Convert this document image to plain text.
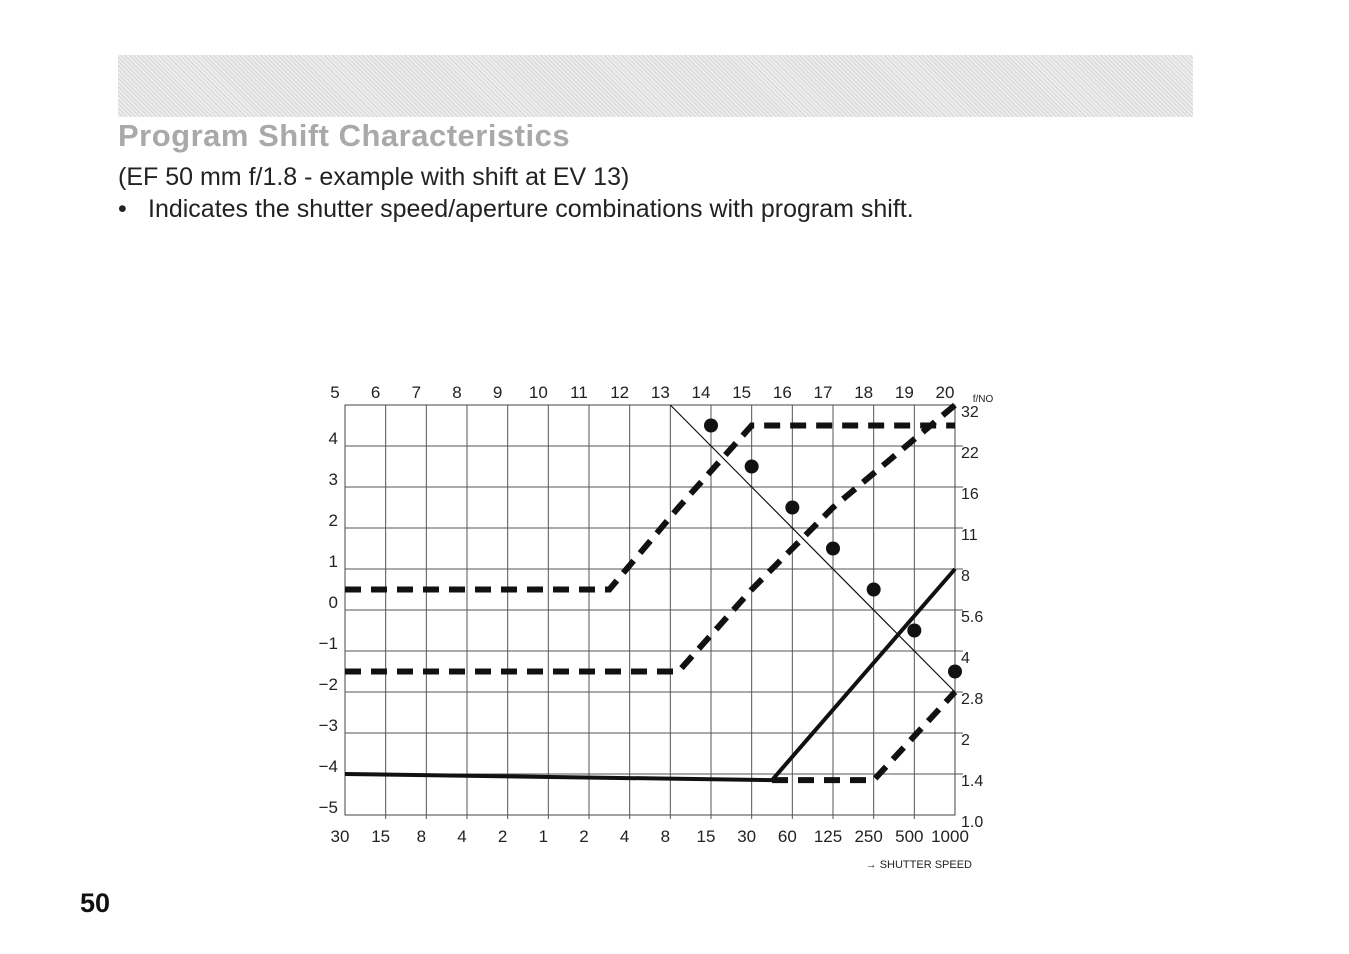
Program Shift Characteristics
(EF 50 mm f/1.8 - example with shift at EV 13)
• Indicates the shutter speed/aperture combinations with program shift.
50
5 6 7 8 9 10 11 12 13 14 15 16 17 18 19 20 f/NO
4
3
2
1
0
−1
−2
−3
−4
−5
32
22
16
11
8
5.6
4
2.8
2
1.4
1.0
30 15 8 4 2 1 2 4 8 15 30 60 125 250 500 1000
→ SHUTTER SPEED
